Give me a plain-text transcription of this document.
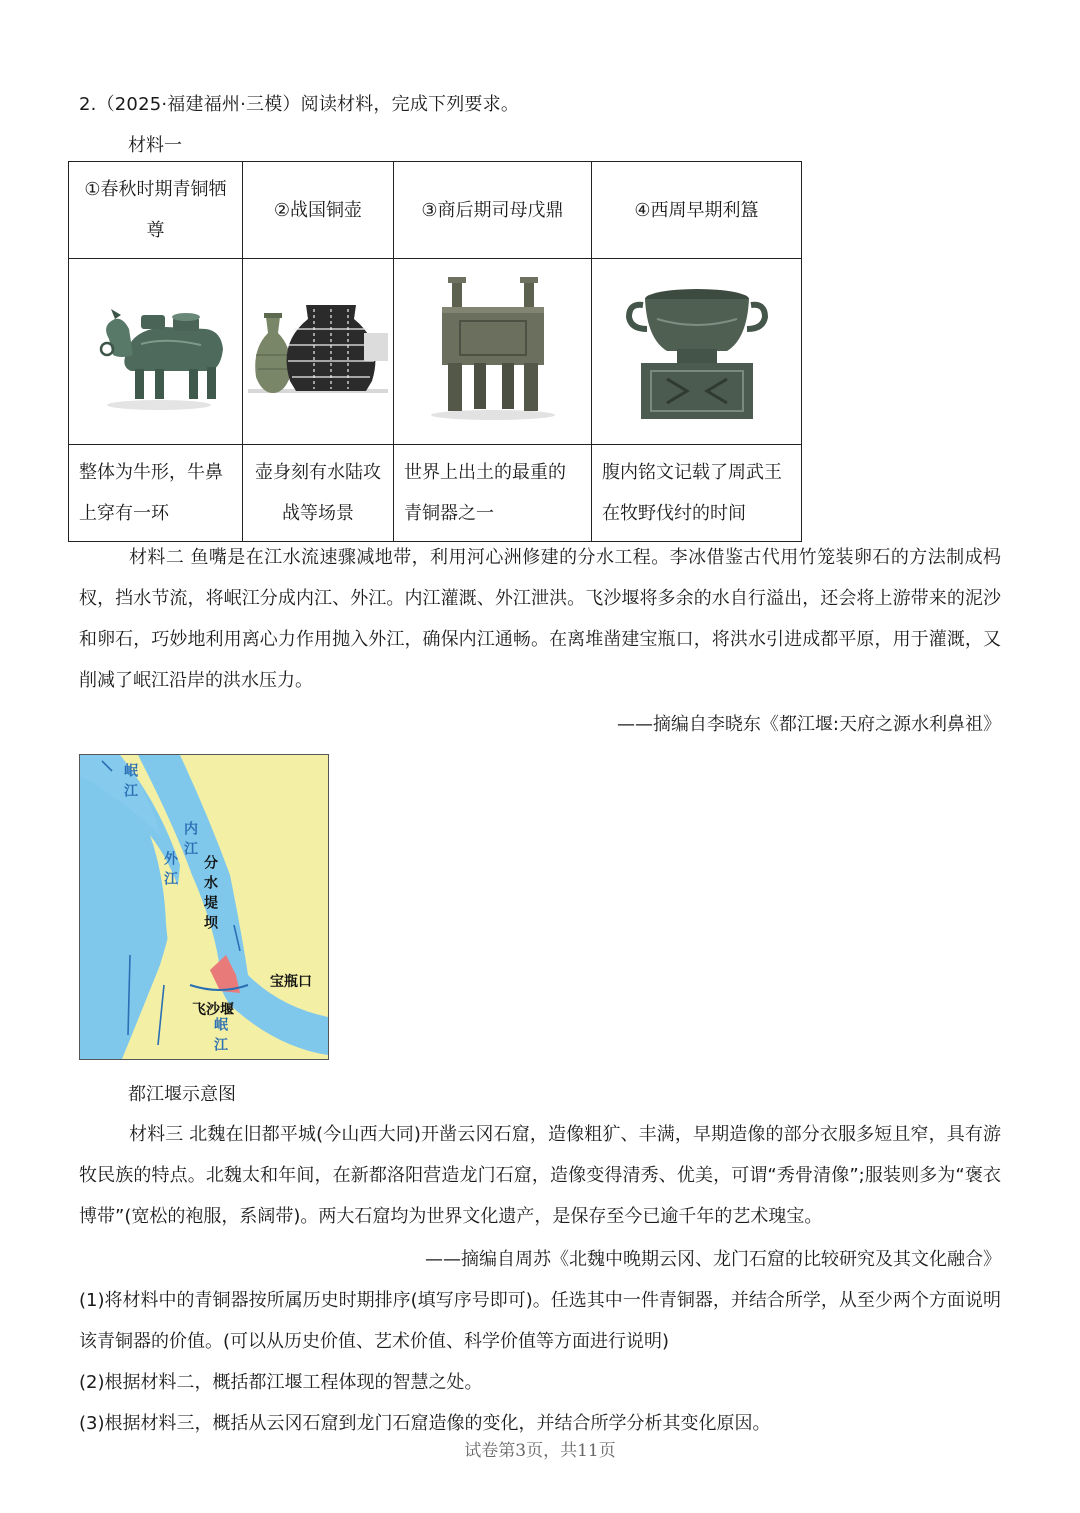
2.（2025·福建福州·三模）阅读材料，完成下列要求。
材料一
①春秋时期青铜牺尊	②战国铜壶	③商后期司母戊鼎	④西周早期利簋

整体为牛形，牛鼻上穿有一环	壶身刻有水陆攻战等场景	世界上出土的最重的青铜器之一	腹内铭文记载了周武王在牧野伐纣的时间
材料二 鱼嘴是在江水流速骤减地带，利用河心洲修建的分水工程。李冰借鉴古代用竹笼装卵石的方法制成杩杈，挡水节流，将岷江分成内江、外江。内江灌溉、外江泄洪。飞沙堰将多余的水自行溢出，还会将上游带来的泥沙和卵石，巧妙地利用离心力作用抛入外江，确保内江通畅。在离堆凿建宝瓶口，将洪水引进成都平原，用于灌溉，又削减了岷江沿岸的洪水压力。
——摘编自李晓东《都江堰:天府之源水利鼻祖》
岷江
内江
外江 分水堤坝
宝瓶口
飞沙堰
岷江
都江堰示意图
材料三 北魏在旧都平城(今山西大同)开凿云冈石窟，造像粗犷、丰满，早期造像的部分衣服多短且窄，具有游牧民族的特点。北魏太和年间，在新都洛阳营造龙门石窟，造像变得清秀、优美，可谓“秀骨清像”;服装则多为“褒衣博带”(宽松的袍服，系阔带)。两大石窟均为世界文化遗产，是保存至今已逾千年的艺术瑰宝。
——摘编自周苏《北魏中晚期云冈、龙门石窟的比较研究及其文化融合》
(1)将材料中的青铜器按所属历史时期排序(填写序号即可)。任选其中一件青铜器，并结合所学，从至少两个方面说明该青铜器的价值。(可以从历史价值、艺术价值、科学价值等方面进行说明)
(2)根据材料二，概括都江堰工程体现的智慧之处。
(3)根据材料三，概括从云冈石窟到龙门石窟造像的变化，并结合所学分析其变化原因。
试卷第3页，共11页
